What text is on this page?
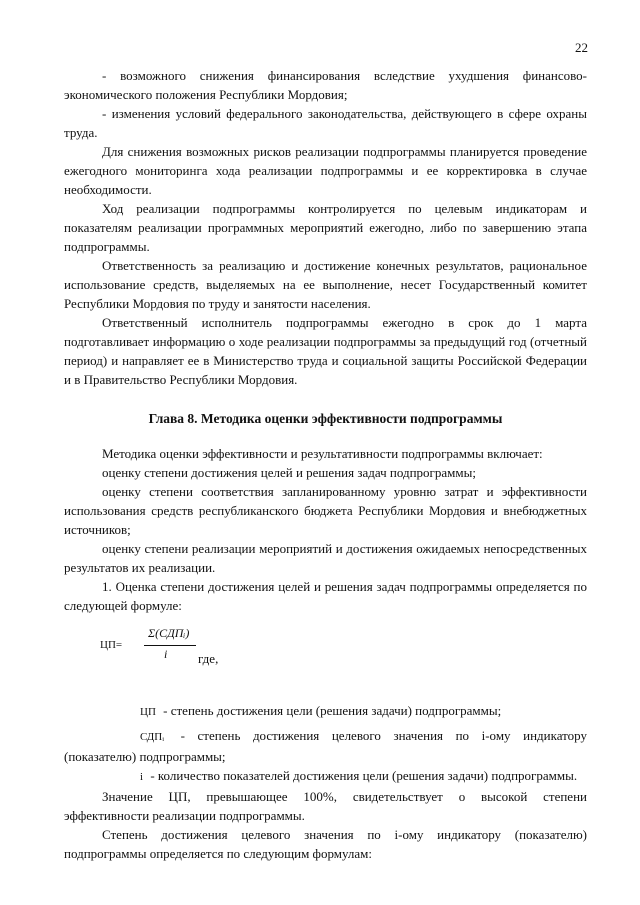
22

- возможного снижения финансирования вследствие ухудшения финансово-экономического положения Республики Мордовия;

- изменения условий федерального законодательства, действующего в сфере охраны труда.

Для снижения возможных рисков реализации подпрограммы планируется проведение ежегодного мониторинга хода реализации подпрограммы и ее корректировка в случае необходимости.

Ход реализации подпрограммы контролируется по целевым индикаторам и показателям реализации программных мероприятий ежегодно, либо по завершению этапа подпрограммы.

Ответственность за реализацию и достижение конечных результатов, рациональное использование средств, выделяемых на ее выполнение, несет Государственный комитет Республики Мордовия по труду и занятости населения.

Ответственный исполнитель подпрограммы ежегодно в срок до 1 марта подготавливает информацию о ходе реализации подпрограммы за предыдущий год (отчетный период) и направляет ее в Министерство труда и социальной защиты Российской Федерации и в Правительство Республики Мордовия.

Глава 8. Методика оценки эффективности подпрограммы

Методика оценки эффективности и результативности подпрограммы включает:

оценку степени достижения целей и решения задач подпрограммы;

оценку степени соответствия запланированному уровню затрат и эффективности использования средств республиканского бюджета Республики Мордовия и внебюджетных источников;

оценку степени реализации мероприятий и достижения ожидаемых непосредственных результатов их реализации.

1. Оценка степени достижения целей и решения задач подпрограммы определяется по следующей формуле:

ЦП=
Σ(СДПᵢ)
i где,

ЦП - степень достижения цели (решения задачи) подпрограммы;

СДПᵢ - степень достижения целевого значения по i-ому индикатору (показателю) подпрограммы;

i - количество показателей достижения цели (решения задачи) подпрограммы.

Значение ЦП, превышающее 100%, свидетельствует о высокой степени эффективности реализации подпрограммы.

Степень достижения целевого значения по i-ому индикатору (показателю) подпрограммы определяется по следующим формулам:
